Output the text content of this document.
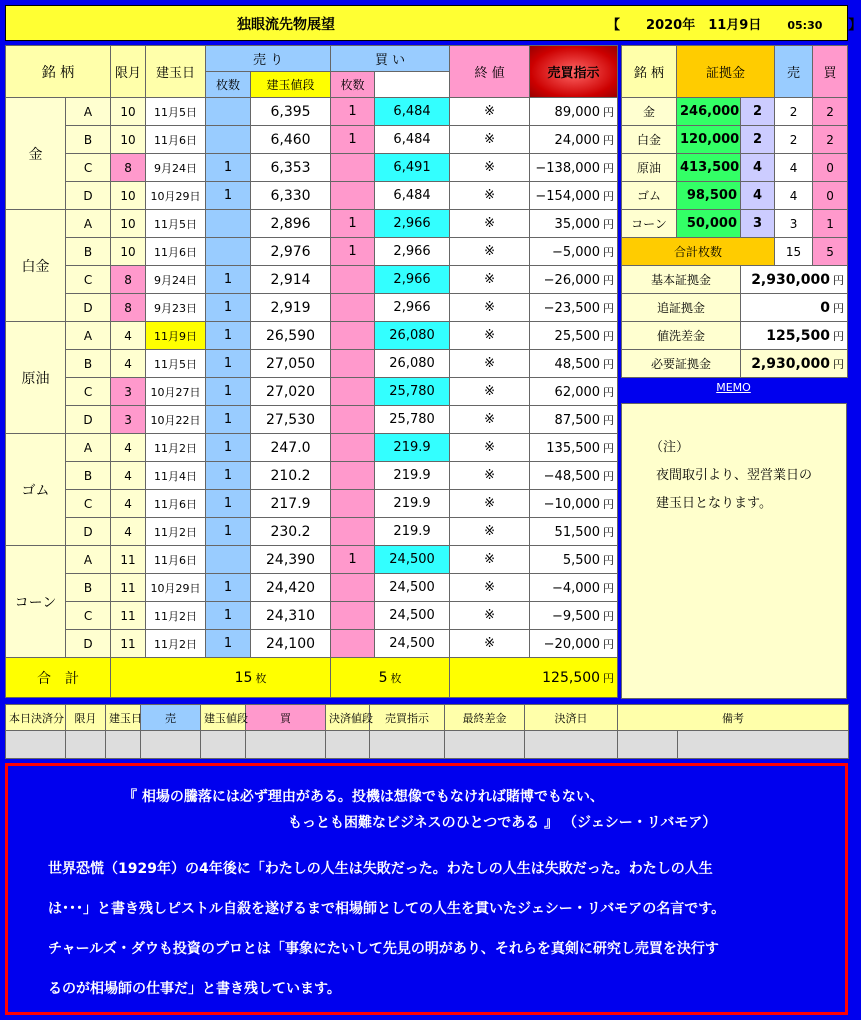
独眼流先物展望	【　　 2020年　11月9日　　 05:30　　 】
銘 柄		限月	建玉日	売 り		買 い		終 値	売買指示	
				枚数	建玉値段	枚数				
金	A	10	11月5日		6,395	1	6,484	※	89,000 円	
	B	10	11月6日		6,460	1	6,484	※	24,000 円	
	C	8	9月24日	1	6,353		6,491	※	−138,000 円	
	D	10	10月29日	1	6,330		6,484	※	−154,000 円	
白金	A	10	11月5日		2,896	1	2,966	※	35,000 円	
	B	10	11月6日		2,976	1	2,966	※	−5,000 円	
	C	8	9月24日	1	2,914		2,966	※	−26,000 円	
	D	8	9月23日	1	2,919		2,966	※	−23,500 円	
原油	A	4	11月9日	1	26,590		26,080	※	25,500 円	
	B	4	11月5日	1	27,050		26,080	※	48,500 円	
	C	3	10月27日	1	27,020		25,780	※	62,000 円	
	D	3	10月22日	1	27,530		25,780	※	87,500 円	
ゴム	A	4	11月2日	1	247.0		219.9	※	135,500 円	
	B	4	11月4日	1	210.2		219.9	※	−48,500 円	
	C	4	11月6日	1	217.9		219.9	※	−10,000 円	
	D	4	11月2日	1	230.2		219.9	※	51,500 円	
コーン	A	11	11月6日		24,390	1	24,500	※	5,500 円	
	B	11	10月29日	1	24,420		24,500	※	−4,000 円	
	C	11	11月2日	1	24,310		24,500	※	−9,500 円	
	D	11	11月2日	1	24,100		24,500	※	−20,000 円	
合　計		15 枚				5 枚		125,500 円		
銘 柄	証拠金		売	買
金	246,000	2	2	2
白金	120,000	2	2	2
原油	413,500	4	4	0
ゴム	98,500	4	4	0
コーン	50,000	3	3	1
合計枚数			15	5
基本証拠金		2,930,000 円		
追証拠金		0 円		
値洗差金		125,500 円		
必要証拠金		2,930,000 円		
MEMO

（注）

夜間取引より、翌営業日の

建玉日となります。

本日決済分	限月	建玉日	売	建玉値段	買	決済値段	売買指示	最終差金	決済日	備考	

『 相場の騰落には必ず理由がある。投機は想像でもなければ賭博でもない、

もっとも困難なビジネスのひとつである 』 （ジェシー・リバモア）

世界恐慌（1929年）の4年後に「わたしの人生は失敗だった。わたしの人生は失敗だった。わたしの人生

は･･･」と書き残しピストル自殺を遂げるまで相場師としての人生を貫いたジェシー・リバモアの名言です。

チャールズ・ダウも投資のプロとは「事象にたいして先見の明があり、それらを真剣に研究し売買を決行す

るのが相場師の仕事だ」と書き残しています。
